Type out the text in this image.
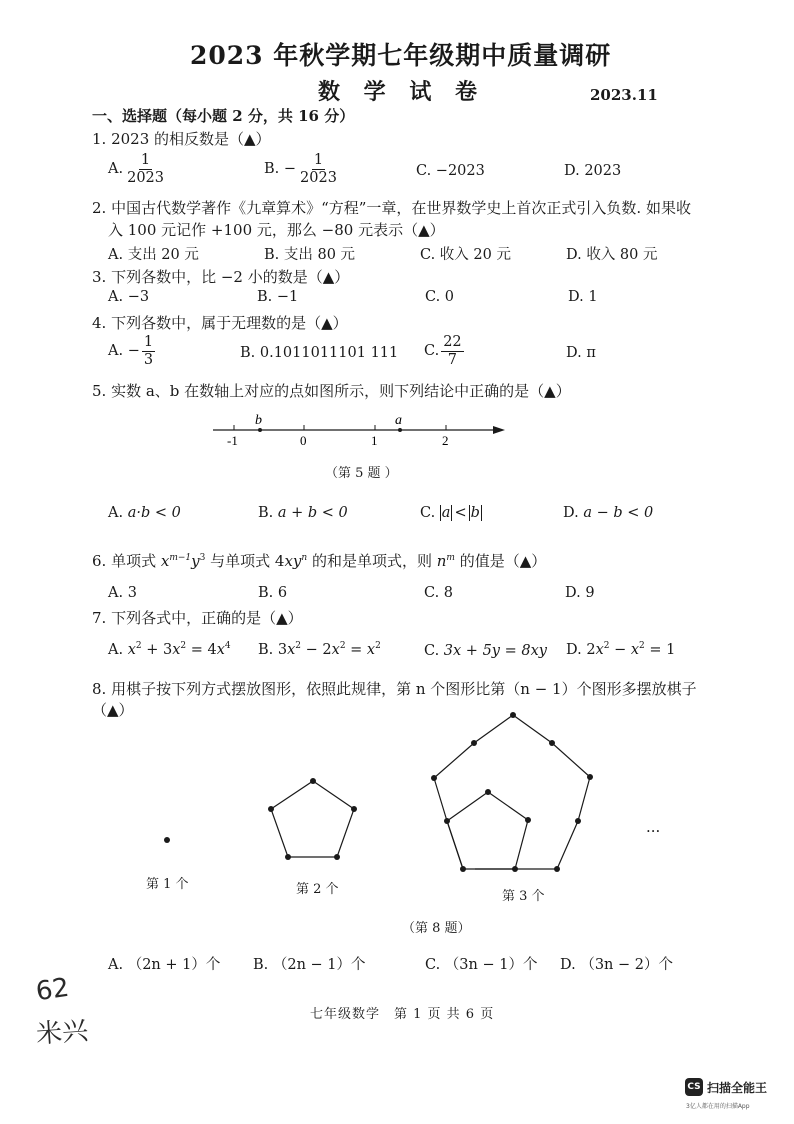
2023 年秋学期七年级期中质量调研
数 学 试 卷	2023.11
一、选择题（每小题 2 分，共 16 分）
1. 2023 的相反数是（▲）
A. $\frac{1}{2023}$	B. − $\frac{1}{2023}$	C. −2023	D. 2023
2. 中国古代数学著作《九章算术》“方程”一章，在世界数学史上首次正式引入负数. 如果收
入 100 元记作 +100 元，那么 −80 元表示（▲）
A. 支出 20 元	B. 支出 80 元	C. 收入 20 元	D. 收入 80 元
3. 下列各数中，比 −2 小的数是（▲）
A. −3	B. −1	C. 0	D. 1
4. 下列各数中，属于无理数的是（▲）
A. − $\frac{1}{3}$	B. 0.1011011101 111 C. $\frac{22}{7}$	D. π
5. 实数 a、b 在数轴上对应的点如图所示，则下列结论中正确的是（▲）
b	a
-1	0	1	2
（第 5 题 ）
A. a·b < 0	B. a + b < 0	C. a < b	D. a − b < 0
6. 单项式 $x^{m-1}y^3$ 与单项式 $4xy^n$ 的和是单项式，则 $n^m$ 的值是（▲）
A. 3	B. 6	C. 8	D. 9
7. 下列各式中，正确的是（▲）
A. $x^2 + 3x^2 = 4x^4$ B. $3x^2 - 2x^2 = x^2$	C. 3x + 5y = 8xy D. $2x^2 - x^2 = 1$
8. 用棋子按下列方式摆放图形，依照此规律，第 n 个图形比第（n − 1）个图形多摆放棋子
（▲）
···
第 1 个	第 2 个	第 3 个
（第 8 题）
A. （2n + 1）个 B. （2n − 1）个	C. （3n − 1）个 D. （3n − 2）个
62
米兴
七年级数学　第 1 页 共 6 页
CS 扫描全能王
3亿人都在用的扫描App
